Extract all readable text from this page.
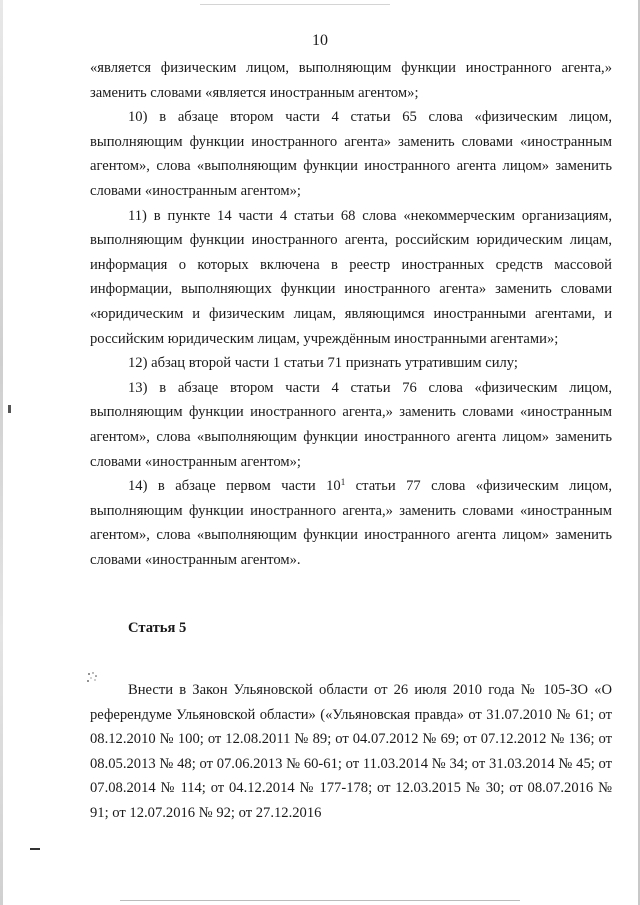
10

«является физическим лицом, выполняющим функции иностранного агента,» заменить словами «является иностранным агентом»;

10) в абзаце втором части 4 статьи 65 слова «физическим лицом, выполняющим функции иностранного агента» заменить словами «иностранным агентом», слова «выполняющим функции иностранного агента лицом» заменить словами «иностранным агентом»;

11) в пункте 14 части 4 статьи 68 слова «некоммерческим организациям, выполняющим функции иностранного агента, российским юридическим лицам, информация о которых включена в реестр иностранных средств массовой информации, выполняющих функции иностранного агента» заменить словами «юридическим и физическим лицам, являющимся иностранными агентами, и российским юридическим лицам, учреждённым иностранными агентами»;

12) абзац второй части 1 статьи 71 признать утратившим силу;

13) в абзаце втором части 4 статьи 76 слова «физическим лицом, выполняющим функции иностранного агента,» заменить словами «иностранным агентом», слова «выполняющим функции иностранного агента лицом» заменить словами «иностранным агентом»;

14) в абзаце первом части $10^1$ статьи 77 слова «физическим лицом, выполняющим функции иностранного агента,» заменить словами «иностранным агентом», слова «выполняющим функции иностранного агента лицом» заменить словами «иностранным агентом».

Статья 5

Внести в Закон Ульяновской области от 26 июля 2010 года № 105-ЗО «О референдуме Ульяновской области» («Ульяновская правда» от 31.07.2010 № 61; от 08.12.2010 № 100; от 12.08.2011 № 89; от 04.07.2012 № 69; от 07.12.2012 № 136; от 08.05.2013 № 48; от 07.06.2013 № 60-61; от 11.03.2014 № 34; от 31.03.2014 № 45; от 07.08.2014 № 114; от 04.12.2014 № 177-178; от 12.03.2015 № 30; от 08.07.2016 № 91; от 12.07.2016 № 92; от 27.12.2016
